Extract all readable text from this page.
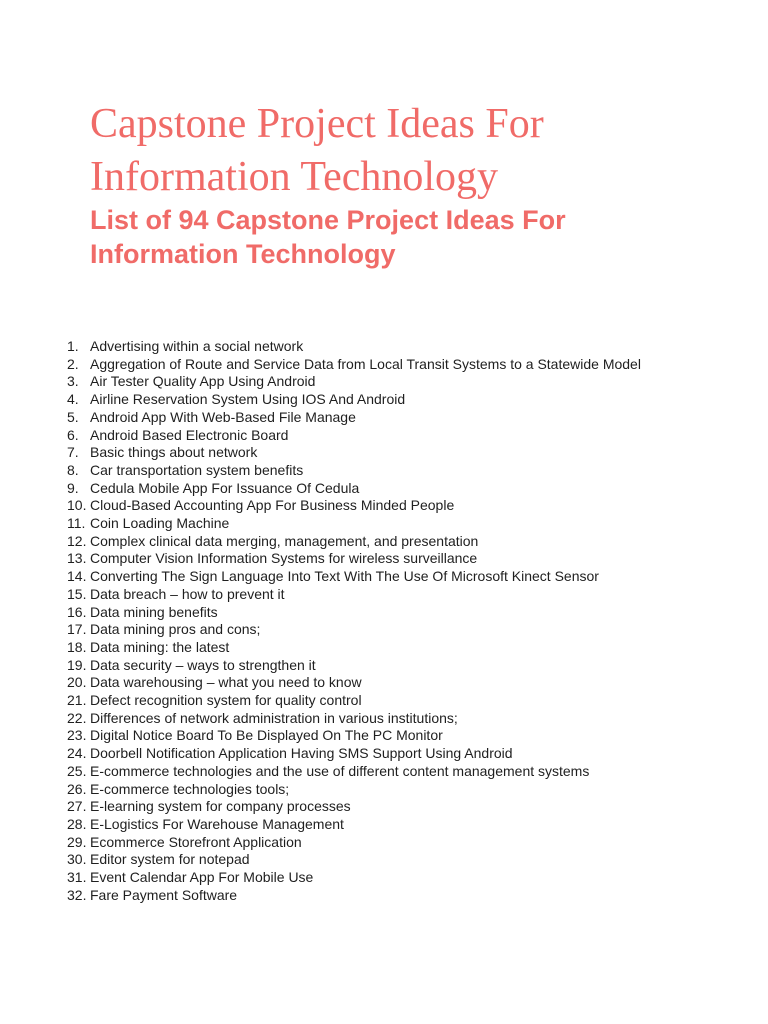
Capstone Project Ideas For Information Technology
List of 94 Capstone Project Ideas For Information Technology
1. Advertising within a social network
2. Aggregation of Route and Service Data from Local Transit Systems to a Statewide Model
3. Air Tester Quality App Using Android
4. Airline Reservation System Using IOS And Android
5. Android App With Web-Based File Manage
6. Android Based Electronic Board
7. Basic things about network
8. Car transportation system benefits
9. Cedula Mobile App For Issuance Of Cedula
10. Cloud-Based Accounting App For Business Minded People
11. Coin Loading Machine
12. Complex clinical data merging, management, and presentation
13. Computer Vision Information Systems for wireless surveillance
14. Converting The Sign Language Into Text With The Use Of Microsoft Kinect Sensor
15. Data breach – how to prevent it
16. Data mining benefits
17. Data mining pros and cons;
18. Data mining: the latest
19. Data security – ways to strengthen it
20. Data warehousing – what you need to know
21. Defect recognition system for quality control
22. Differences of network administration in various institutions;
23. Digital Notice Board To Be Displayed On The PC Monitor
24. Doorbell Notification Application Having SMS Support Using Android
25. E-commerce technologies and the use of different content management systems
26. E-commerce technologies tools;
27. E-learning system for company processes
28. E-Logistics For Warehouse Management
29. Ecommerce Storefront Application
30. Editor system for notepad
31. Event Calendar App For Mobile Use
32. Fare Payment Software
